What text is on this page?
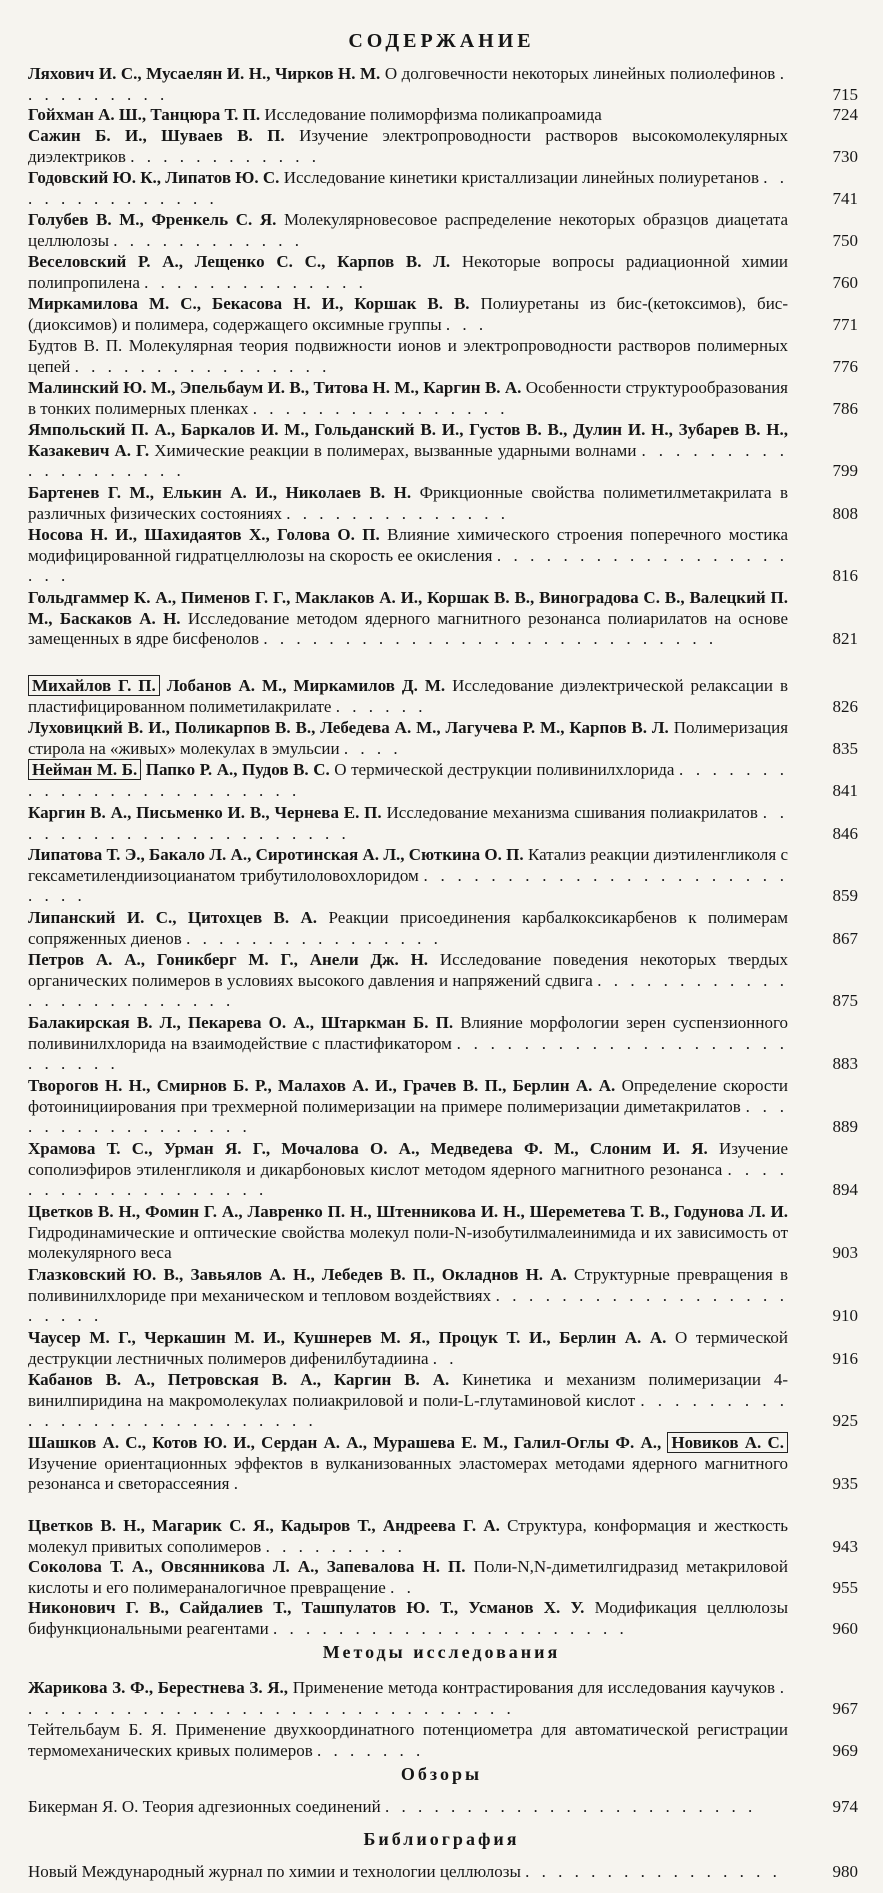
СОДЕРЖАНИЕ
Ляхович И. С., Мусаелян И. Н., Чирков Н. М. О долговечности некоторых линейных полиолефинов . . . . . . . . . .	715
Гойхман А. Ш., Танцюра Т. П. Исследование полиморфизма поликапроамида	724
Сажин Б. И., Шуваев В. П. Изучение электропроводности растворов высокомолекулярных диэлектриков . . . . . . . . . . . .	730
Годовский Ю. К., Липатов Ю. С. Исследование кинетики кристаллизации линейных полиуретанов . . . . . . . . . . . . . .	741
Голубев В. М., Френкель С. Я. Молекулярновесовое распределение некоторых образцов диацетата целлюлозы . . . . . . . . . . . .	750
Веселовский Р. А., Лещенко С. С., Карпов В. Л. Некоторые вопросы радиационной химии полипропилена . . . . . . . . . . . . . .	760
Миркамилова М. С., Бекасова Н. И., Коршак В. В. Полиуретаны из бис-(кетоксимов), бис-(диоксимов) и полимера, содержащего оксимные группы . . .	771
Будтов В. П. Молекулярная теория подвижности ионов и электропроводности растворов полимерных цепей . . . . . . . . . . . . . . . .	776
Малинский Ю. М., Эпельбаум И. В., Титова Н. М., Каргин В. А. Особенности структурообразования в тонких полимерных пленках . . . . . . . . . . . . . . . .	786
Ямпольский П. А., Баркалов И. М., Гольданский В. И., Густов В. В., Дулин И. Н., Зубарев В. Н., Казакевич А. Г. Химические реакции в полимерах, вызванные ударными волнами . . . . . . . . . . . . . . . . . . .	799
Бартенев Г. М., Елькин А. И., Николаев В. Н. Фрикционные свойства полиметилметакрилата в различных физических состояниях . . . . . . . . . . . . . .	808
Носова Н. И., Шахидаятов Х., Голова О. П. Влияние химического строения поперечного мостика модифицированной гидратцеллюлозы на скорость ее окисления . . . . . . . . . . . . . . . . . . . . .	816
Гольдгаммер К. А., Пименов Г. Г., Маклаков А. И., Коршак В. В., Виноградова С. В., Валецкий П. М., Баскаков А. Н. Исследование методом ядерного магнитного резонанса полиарилатов на основе замещенных в ядре бисфенолов . . . . . . . . . . . . . . . . . . . . . . . . . . . .	821
Михайлов Г. П. Лобанов А. М., Миркамилов Д. М. Исследование диэлектрической релаксации в пластифицированном полиметилакрилате . . . . . .	826
Луховицкий В. И., Поликарпов В. В., Лебедева А. М., Лагучева Р. М., Карпов В. Л. Полимеризация стирола на «живых» молекулах в эмульсии . . . .	835
Нейман М. Б. Папко Р. А., Пудов В. С. О термической деструкции поливинилхлорида . . . . . . . . . . . . . . . . . . . . . . . .	841
Каргин В. А., Письменко И. В., Чернева Е. П. Исследование механизма сшивания полиакрилатов . . . . . . . . . . . . . . . . . . . . . .	846
Липатова Т. Э., Бакало Л. А., Сиротинская А. Л., Сюткина О. П. Катализ реакции диэтиленгликоля с гексаметилендиизоцианатом трибутилоловохлоридом . . . . . . . . . . . . . . . . . . . . . . . . . .	859
Липанский И. С., Цитохцев В. А. Реакции присоединения карбалкоксикарбенов к полимерам сопряженных диенов . . . . . . . . . . . . . . . .	867
Петров А. А., Гоникберг М. Г., Анели Дж. Н. Исследование поведения некоторых твердых органических полимеров в условиях высокого давления и напряжений сдвига . . . . . . . . . . . . . . . . . . . . . . . . .	875
Балакирская В. Л., Пекарева О. А., Штаркман Б. П. Влияние морфологии зерен суспензионного поливинилхлорида на взаимодействие с пластификатором . . . . . . . . . . . . . . . . . . . . . . . . . .	883
Творогов Н. Н., Смирнов Б. Р., Малахов А. И., Грачев В. П., Берлин А. А. Определение скорости фотоинициирования при трехмерной полимеризации на примере полимеризации диметакрилатов . . . . . . . . . . . . . . . . .	889
Храмова Т. С., Урман Я. Г., Мочалова О. А., Медведева Ф. М., Слоним И. Я. Изучение сополиэфиров этиленгликоля и дикарбоновых кислот методом ядерного магнитного резонанса . . . . . . . . . . . . . . . . . . .	894
Цветков В. Н., Фомин Г. А., Лавренко П. Н., Штенникова И. Н., Шереметева Т. В., Годунова Л. И. Гидродинамические и оптические свойства молекул поли-N-изобутилмалеинимида и их зависимость от молекулярного веса	903
Глазковский Ю. В., Завьялов А. Н., Лебедев В. П., Окладнов Н. А. Структурные превращения в поливинилхлориде при механическом и тепловом воздействиях . . . . . . . . . . . . . . . . . . . . . . .	910
Чаусер М. Г., Черкашин М. И., Кушнерев М. Я., Процук Т. И., Берлин А. А. О термической деструкции лестничных полимеров дифенилбутадиина . .	916
Кабанов В. А., Петровская В. А., Каргин В. А. Кинетика и механизм полимеризации 4-винилпиридина на макромолекулах полиакриловой и поли-L-глутаминовой кислот . . . . . . . . . . . . . . . . . . . . . . . . . . .	925
Шашков А. С., Котов Ю. И., Сердан А. А., Мурашева Е. М., Галил-Оглы Ф. А., Новиков А. С. Изучение ориентационных эффектов в вулканизованных эластомерах методами ядерного магнитного резонанса и светорассеяния .	935
Цветков В. Н., Магарик С. Я., Кадыров Т., Андреева Г. А. Структура, конформация и жесткость молекул привитых сополимеров . . . . . . . . .	943
Соколова Т. А., Овсянникова Л. А., Запевалова Н. П. Поли-N,N-диметилгидразид метакриловой кислоты и его полимераналогичное превращение . .	955
Никонович Г. В., Сайдалиев Т., Ташпулатов Ю. Т., Усманов Х. У. Модификация целлюлозы бифункциональными реагентами . . . . . . . . . . . . . . . . . . . . . .	960
Методы исследования
Жарикова З. Ф., Берестнева З. Я., Применение метода контрастирования для исследования каучуков . . . . . . . . . . . . . . . . . . . . . . . . . . . . . . .	967
Тейтельбаум Б. Я. Применение двухкоординатного потенциометра для автоматической регистрации термомеханических кривых полимеров . . . . . . .	969
Обзоры
Бикерман Я. О. Теория адгезионных соединений . . . . . . . . . . . . . . . . . . . . . . .	974
Библиография
Новый Международный журнал по химии и технологии целлюлозы . . . . . . . . . . . . . . . .	980
